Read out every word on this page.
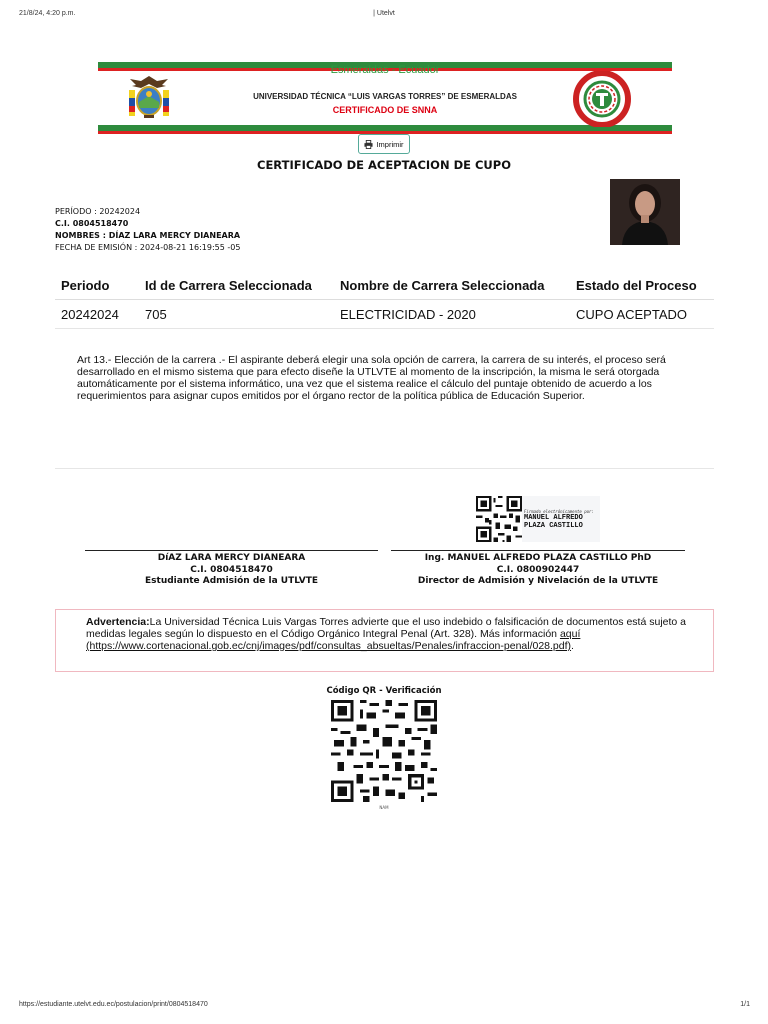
21/8/24, 4:20 p.m.	| Utelvt
Esmeraldas - Ecuador
UNIVERSIDAD TÉCNICA “LUIS VARGAS TORRES” DE ESMERALDAS
CERTIFICADO DE SNNA
Imprimir
CERTIFICADO DE ACEPTACION DE CUPO
PERÍODO : 20242024
C.I. 0804518470
NOMBRES : DÍAZ LARA MERCY DIANEARA
FECHA DE EMISIÓN : 2024-08-21 16:19:55 -05
Periodo	Id de Carrera Seleccionada	Nombre de Carrera Seleccionada	Estado del Proceso
20242024	705	ELECTRICIDAD - 2020	CUPO ACEPTADO
Art 13.- Elección de la carrera .- El aspirante deberá elegir una sola opción de carrera, la carrera de su interés, el proceso será desarrollado en el mismo sistema que para efecto diseñe la UTLVTE al momento de la inscripción, la misma le será otorgada automáticamente por el sistema informático, una vez que el sistema realice el cálculo del puntaje obtenido de acuerdo a los requerimientos para asignar cupos emitidos por el órgano rector de la política pública de Educación Superior.
Firmado electrónicamente por:
MANUEL ALFREDO
PLAZA CASTILLO
DíAZ LARA MERCY DIANEARA
C.I. 0804518470
Estudiante Admisión de la UTLVTE
Ing. MANUEL ALFREDO PLAZA CASTILLO PhD
C.I. 0800902447
Director de Admisión y Nivelación de la UTLVTE
Advertencia:La Universidad Técnica Luis Vargas Torres advierte que el uso indebido o falsificación de documentos está sujeto a medidas legales según lo dispuesto en el Código Orgánico Integral Penal (Art. 328). Más información aquí (https://www.cortenacional.gob.ec/cnj/images/pdf/consultas_absueltas/Penales/infraccion-penal/028.pdf).
Código QR - Verificación
NAM
https://estudiante.utelvt.edu.ec/postulacion/print/0804518470	1/1
